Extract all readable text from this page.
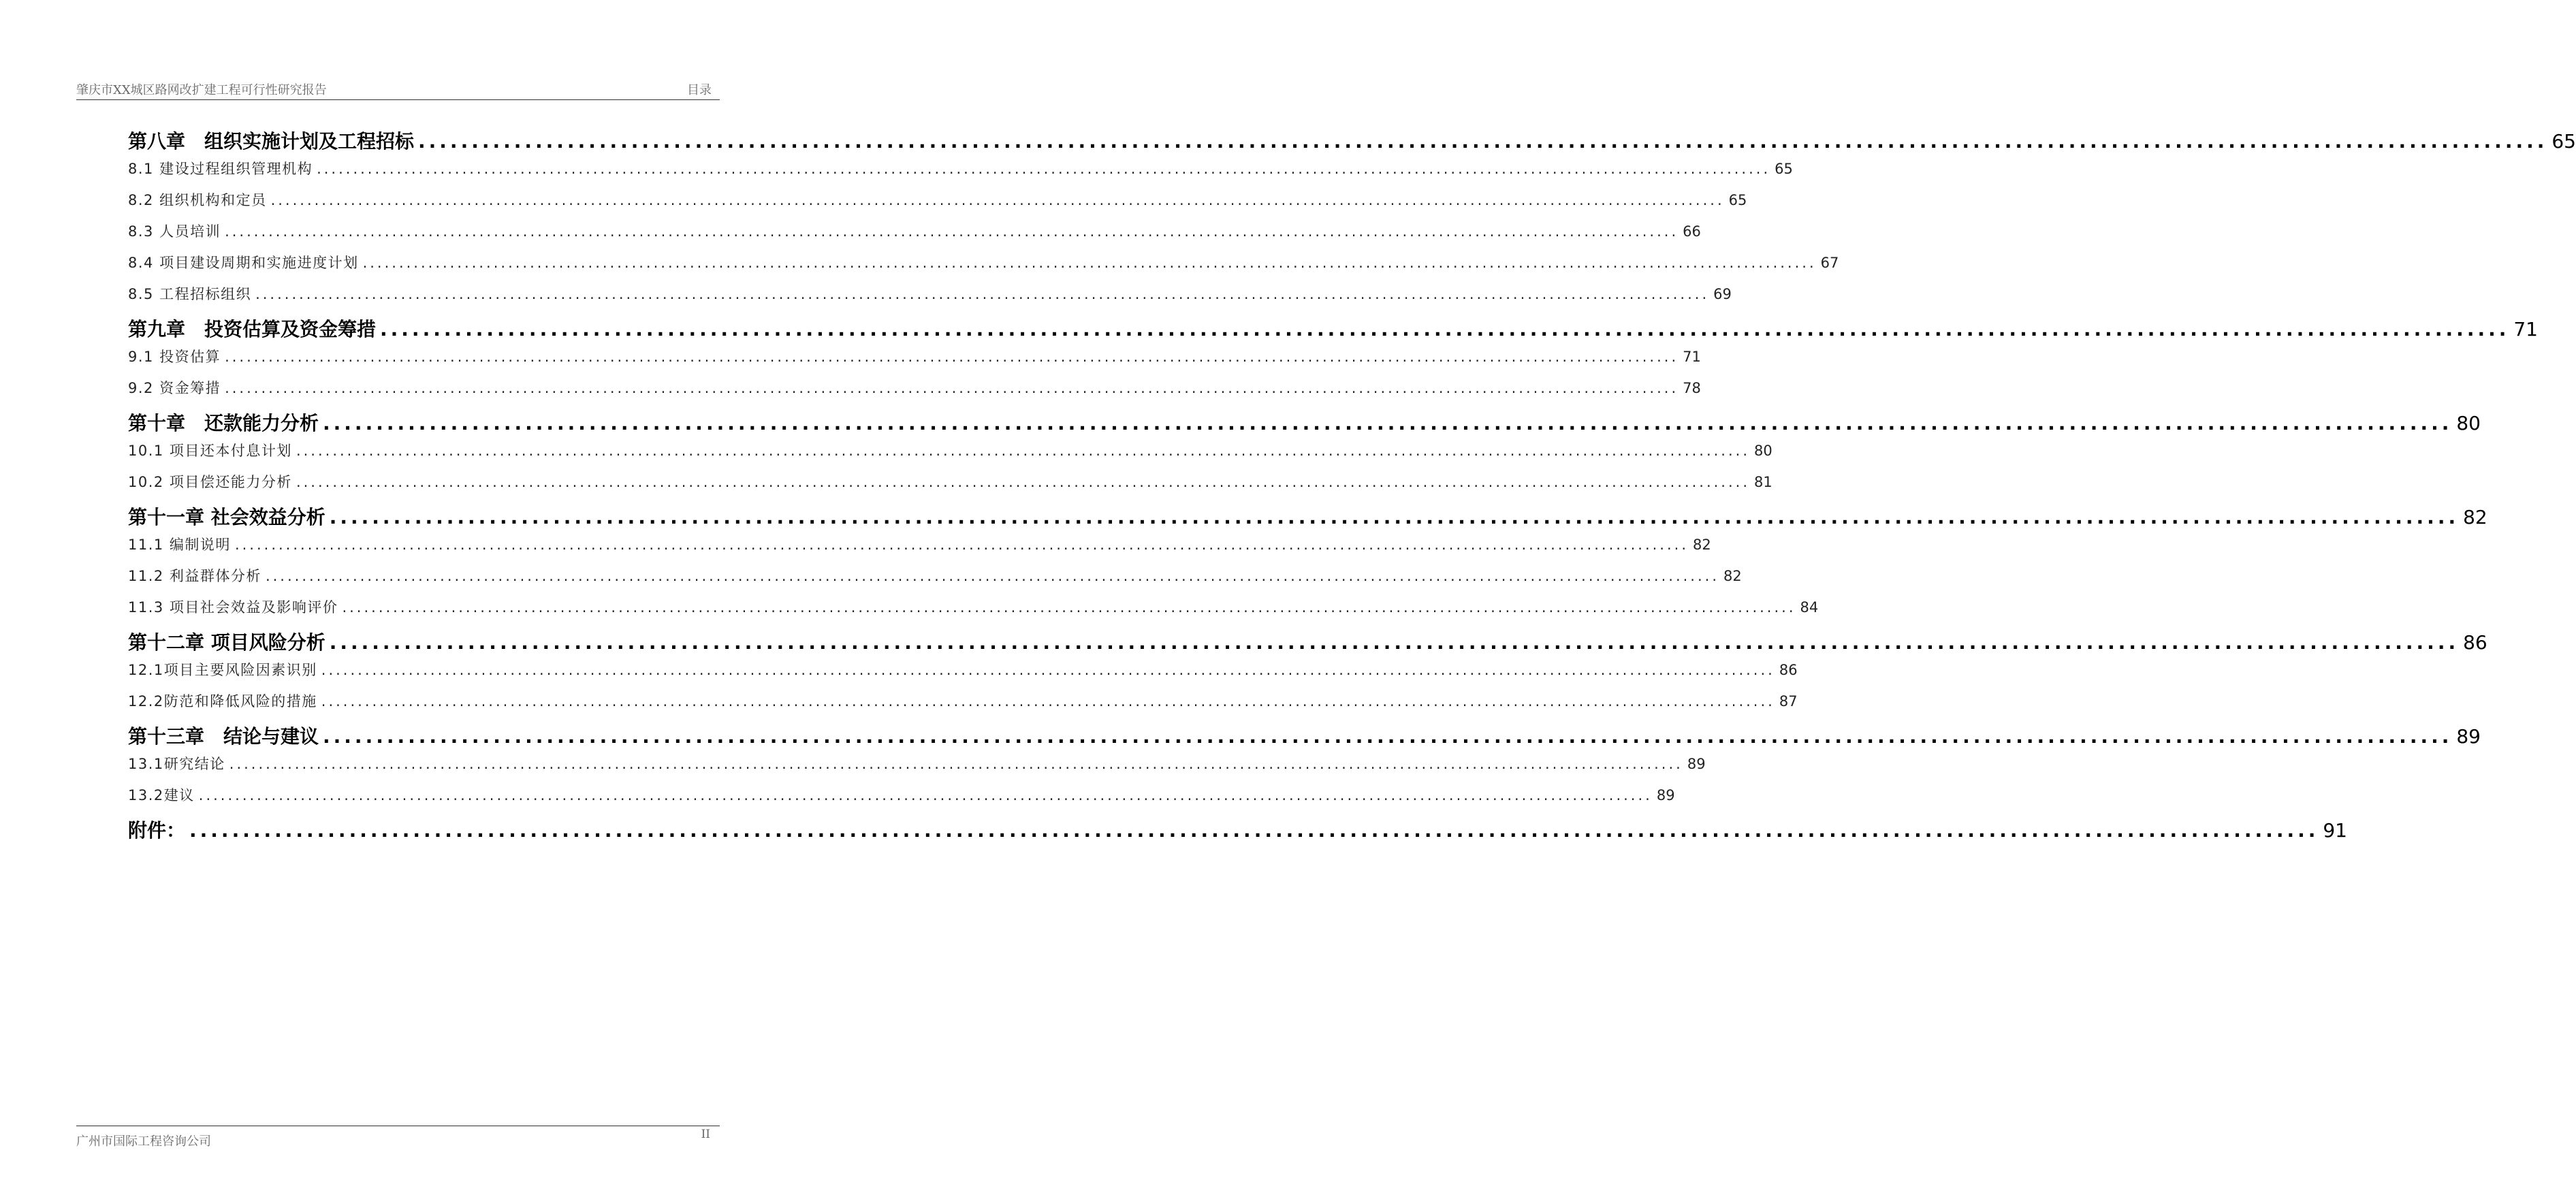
肇庆市XX城区路网改扩建工程可行性研究报告	目录
第八章　组织实施计划及工程招标 ........................................................................................................................................................................................................ 65
8.1 建设过程组织管理机构 ........................................................................................................................................................................................................ 65
8.2 组织机构和定员 ........................................................................................................................................................................................................ 65
8.3 人员培训 ........................................................................................................................................................................................................ 66
8.4 项目建设周期和实施进度计划 ........................................................................................................................................................................................................ 67
8.5 工程招标组织 ........................................................................................................................................................................................................ 69
第九章　投资估算及资金筹措 ........................................................................................................................................................................................................ 71
9.1 投资估算 ........................................................................................................................................................................................................ 71
9.2 资金筹措 ........................................................................................................................................................................................................ 78
第十章　还款能力分析 ........................................................................................................................................................................................................ 80
10.1 项目还本付息计划 ........................................................................................................................................................................................................ 80
10.2 项目偿还能力分析 ........................................................................................................................................................................................................ 81
第十一章 社会效益分析 ........................................................................................................................................................................................................ 82
11.1 编制说明 ........................................................................................................................................................................................................ 82
11.2 利益群体分析 ........................................................................................................................................................................................................ 82
11.3 项目社会效益及影响评价 ........................................................................................................................................................................................................ 84
第十二章 项目风险分析 ........................................................................................................................................................................................................ 86
12.1项目主要风险因素识别 ........................................................................................................................................................................................................ 86
12.2防范和降低风险的措施 ........................................................................................................................................................................................................ 87
第十三章　结论与建议 ........................................................................................................................................................................................................ 89
13.1研究结论 ........................................................................................................................................................................................................ 89
13.2建议 ........................................................................................................................................................................................................ 89
附件： ........................................................................................................................................................................................................ 91
广州市国际工程咨询公司	II
